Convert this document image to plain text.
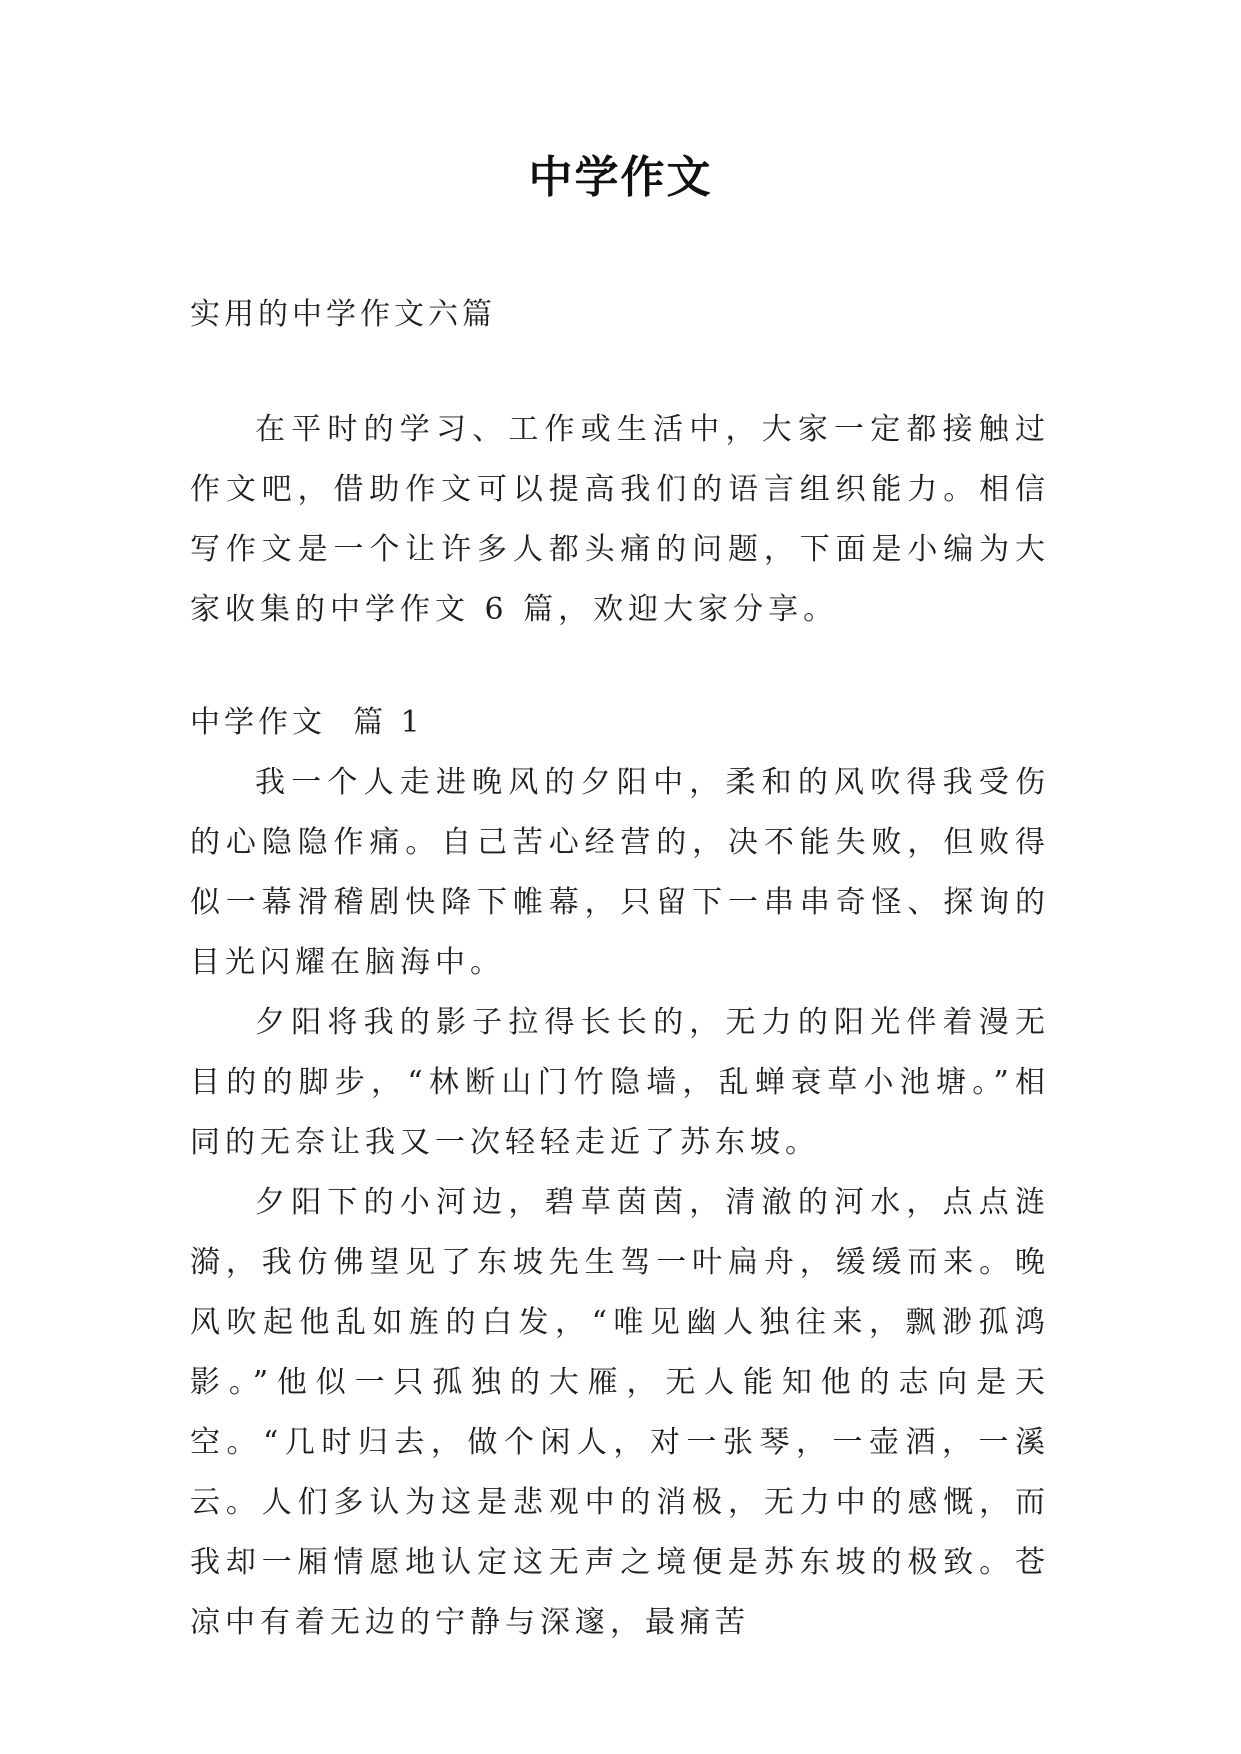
中学作文

实用的中学作文六篇

在平时的学习、工作或生活中，大家一定都接触过作文吧，借助作文可以提高我们的语言组织能力。相信写作文是一个让许多人都头痛的问题，下面是小编为大家收集的中学作文 6 篇，欢迎大家分享。

中学作文  篇 1

我一个人走进晚风的夕阳中，柔和的风吹得我受伤的心隐隐作痛。自己苦心经营的，决不能失败，但败得似一幕滑稽剧快降下帷幕，只留下一串串奇怪、探询的目光闪耀在脑海中。

夕阳将我的影子拉得长长的，无力的阳光伴着漫无目的的脚步，“林断山门竹隐墙，乱蝉衰草小池塘。”相同的无奈让我又一次轻轻走近了苏东坡。

夕阳下的小河边，碧草茵茵，清澈的河水，点点涟漪，我仿佛望见了东坡先生驾一叶扁舟，缓缓而来。晚风吹起他乱如旌的白发，“唯见幽人独往来，飘渺孤鸿影。”他似一只孤独的大雁，无人能知他的志向是天空。“几时归去，做个闲人，对一张琴，一壶酒，一溪云。人们多认为这是悲观中的消极，无力中的感慨，而我却一厢情愿地认定这无声之境便是苏东坡的极致。苍凉中有着无边的宁静与深邃，最痛苦
